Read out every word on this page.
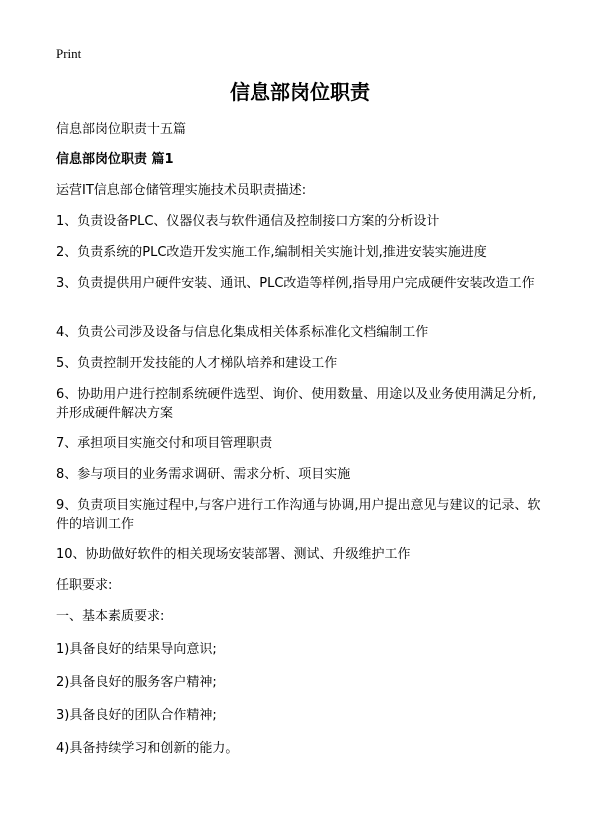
Print
信息部岗位职责
信息部岗位职责十五篇
信息部岗位职责 篇1
运营IT信息部仓储管理实施技术员职责描述:
1、负责设备PLC、仪器仪表与软件通信及控制接口方案的分析设计
2、负责系统的PLC改造开发实施工作,编制相关实施计划,推进安装实施进度
3、负责提供用户硬件安装、通讯、PLC改造等样例,指导用户完成硬件安装改造工作
4、负责公司涉及设备与信息化集成相关体系标准化文档编制工作
5、负责控制开发技能的人才梯队培养和建设工作
6、协助用户进行控制系统硬件选型、询价、使用数量、用途以及业务使用满足分析,并形成硬件解决方案
7、承担项目实施交付和项目管理职责
8、参与项目的业务需求调研、需求分析、项目实施
9、负责项目实施过程中,与客户进行工作沟通与协调,用户提出意见与建议的记录、软件的培训工作
10、协助做好软件的相关现场安装部署、测试、升级维护工作
任职要求:
一、基本素质要求:
1)具备良好的结果导向意识;
2)具备良好的服务客户精神;
3)具备良好的团队合作精神;
4)具备持续学习和创新的能力。
